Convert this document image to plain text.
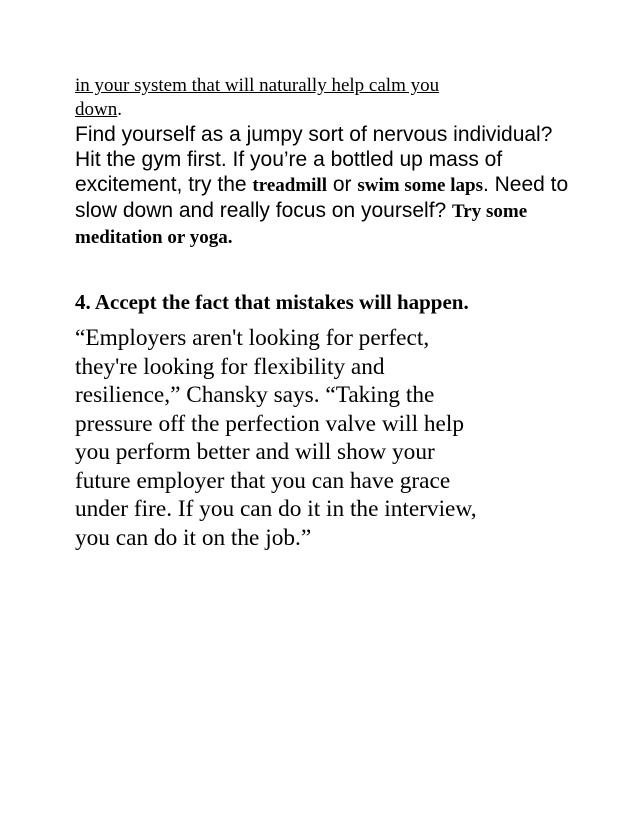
in your system that will naturally help calm you
down.

Find yourself as a jumpy sort of nervous individual? Hit the gym first. If you’re a bottled up mass of excitement, try the treadmill or swim some laps. Need to slow down and really focus on yourself? Try some meditation or yoga.

4. Accept the fact that mistakes will happen.

“Employers aren't looking for perfect,
they're looking for flexibility and
resilience,” Chansky says. “Taking the
pressure off the perfection valve will help
you perform better and will show your
future employer that you can have grace
under fire. If you can do it in the interview,
you can do it on the job.”
